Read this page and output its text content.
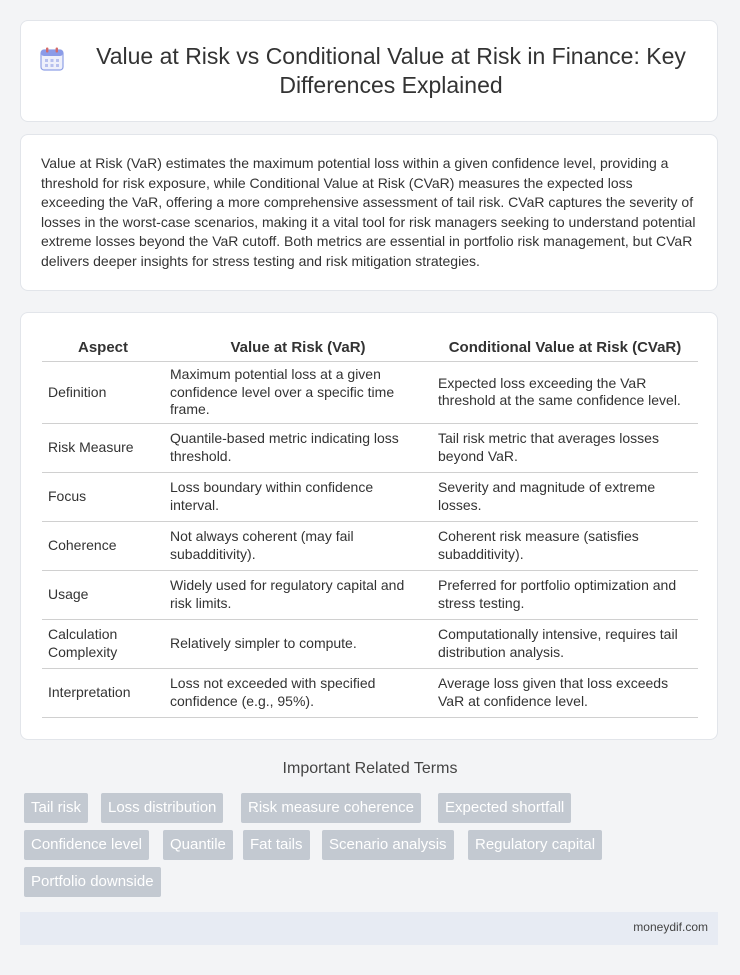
Value at Risk vs Conditional Value at Risk in Finance: Key Differences Explained

Value at Risk (VaR) estimates the maximum potential loss within a given confidence level, providing a threshold for risk exposure, while Conditional Value at Risk (CVaR) measures the expected loss exceeding the VaR, offering a more comprehensive assessment of tail risk. CVaR captures the severity of losses in the worst-case scenarios, making it a vital tool for risk managers seeking to understand potential extreme losses beyond the VaR cutoff. Both metrics are essential in portfolio risk management, but CVaR delivers deeper insights for stress testing and risk mitigation strategies.

Aspect	Value at Risk (VaR)	Conditional Value at Risk (CVaR)
Definition	Maximum potential loss at a given confidence level over a specific time frame.	Expected loss exceeding the VaR threshold at the same confidence level.
Risk Measure	Quantile-based metric indicating loss threshold.	Tail risk metric that averages losses beyond VaR.
Focus	Loss boundary within confidence interval.	Severity and magnitude of extreme losses.
Coherence	Not always coherent (may fail subadditivity).	Coherent risk measure (satisfies subadditivity).
Usage	Widely used for regulatory capital and risk limits.	Preferred for portfolio optimization and stress testing.
Calculation Complexity	Relatively simpler to compute.	Computationally intensive, requires tail distribution analysis.
Interpretation	Loss not exceeded with specified confidence (e.g., 95%).	Average loss given that loss exceeds VaR at confidence level.
Important Related Terms
Tail risk	Loss distribution	Risk measure coherence	Expected shortfall
Confidence level	Quantile	Fat tails	Scenario analysis	Regulatory capital
Portfolio downside
moneydif.com
